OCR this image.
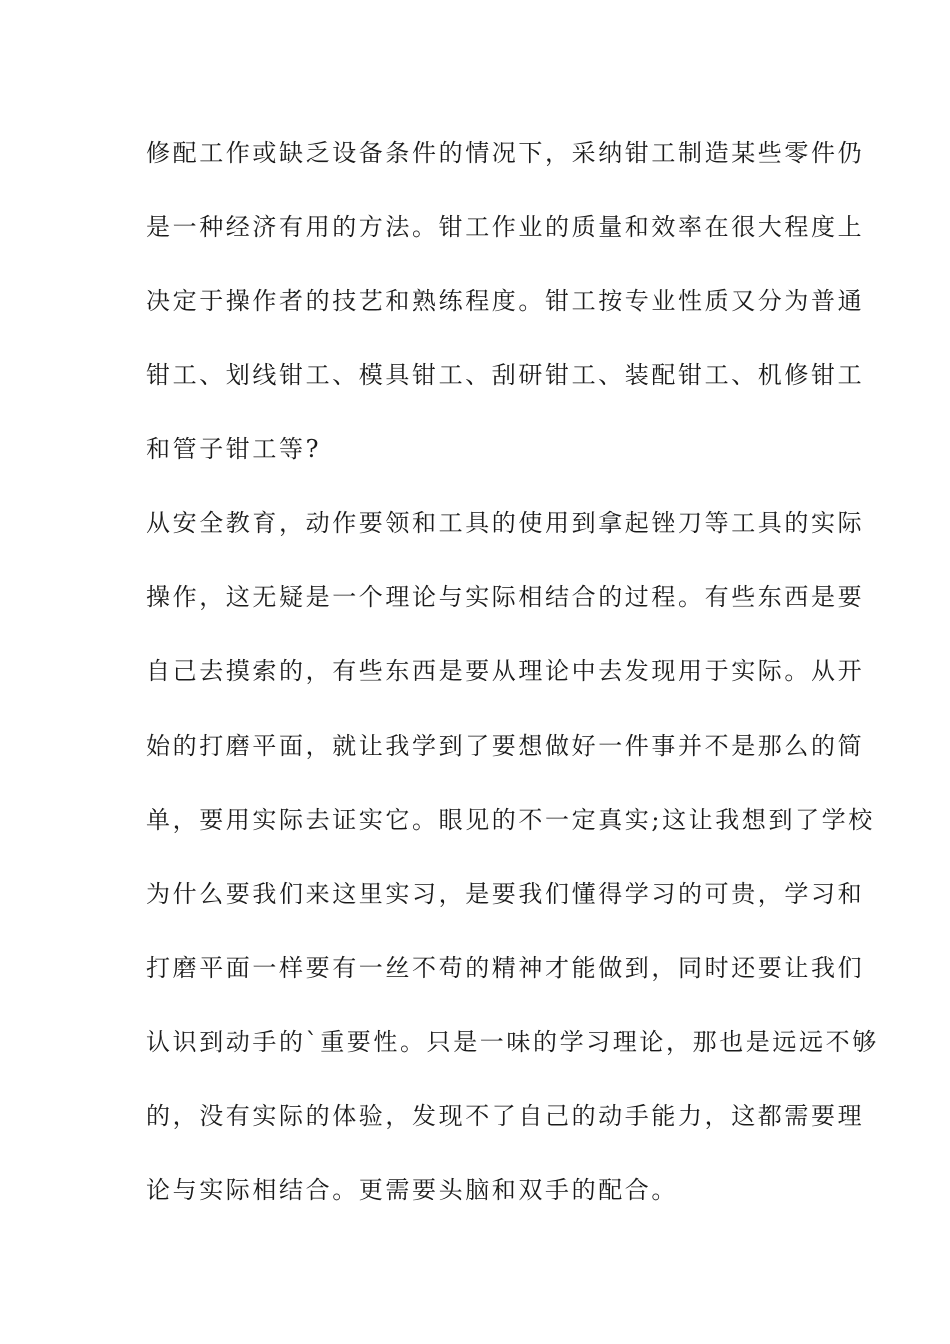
修配工作或缺乏设备条件的情况下，采纳钳工制造某些零件仍
是一种经济有用的方法。钳工作业的质量和效率在很大程度上
决定于操作者的技艺和熟练程度。钳工按专业性质又分为普通
钳工、划线钳工、模具钳工、刮研钳工、装配钳工、机修钳工
和管子钳工等?
从安全教育，动作要领和工具的使用到拿起锉刀等工具的实际
操作，这无疑是一个理论与实际相结合的过程。有些东西是要
自己去摸索的，有些东西是要从理论中去发现用于实际。从开
始的打磨平面，就让我学到了要想做好一件事并不是那么的简
单，要用实际去证实它。眼见的不一定真实;这让我想到了学校
为什么要我们来这里实习，是要我们懂得学习的可贵，学习和
打磨平面一样要有一丝不苟的精神才能做到，同时还要让我们
认识到动手的`重要性。只是一味的学习理论，那也是远远不够
的，没有实际的体验，发现不了自己的动手能力，这都需要理
论与实际相结合。更需要头脑和双手的配合。
